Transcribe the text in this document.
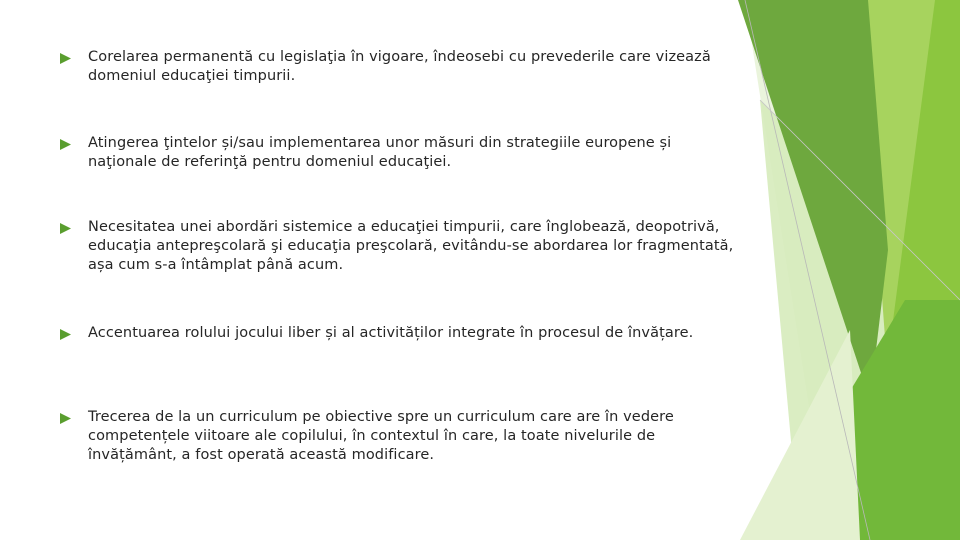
Corelarea permanentă cu legislaţia în vigoare, îndeosebi cu prevederile care vizează domeniul educaţiei timpurii.
Atingerea ţintelor și/sau implementarea unor măsuri din strategiile europene și naţionale de referinţă pentru domeniul educaţiei.
Necesitatea unei abordări sistemice a educaţiei timpurii, care înglobează, deopotrivă, educaţia antepreşcolară şi educaţia preşcolară, evitându-se abordarea lor fragmentată, așa cum s-a întâmplat până acum.
Accentuarea rolului jocului liber și al activităților integrate în procesul de învățare.
Trecerea de la un curriculum pe obiective spre un curriculum care are în vedere competențele viitoare ale copilului, în contextul în care, la toate nivelurile de învățământ, a fost operată această modificare.
